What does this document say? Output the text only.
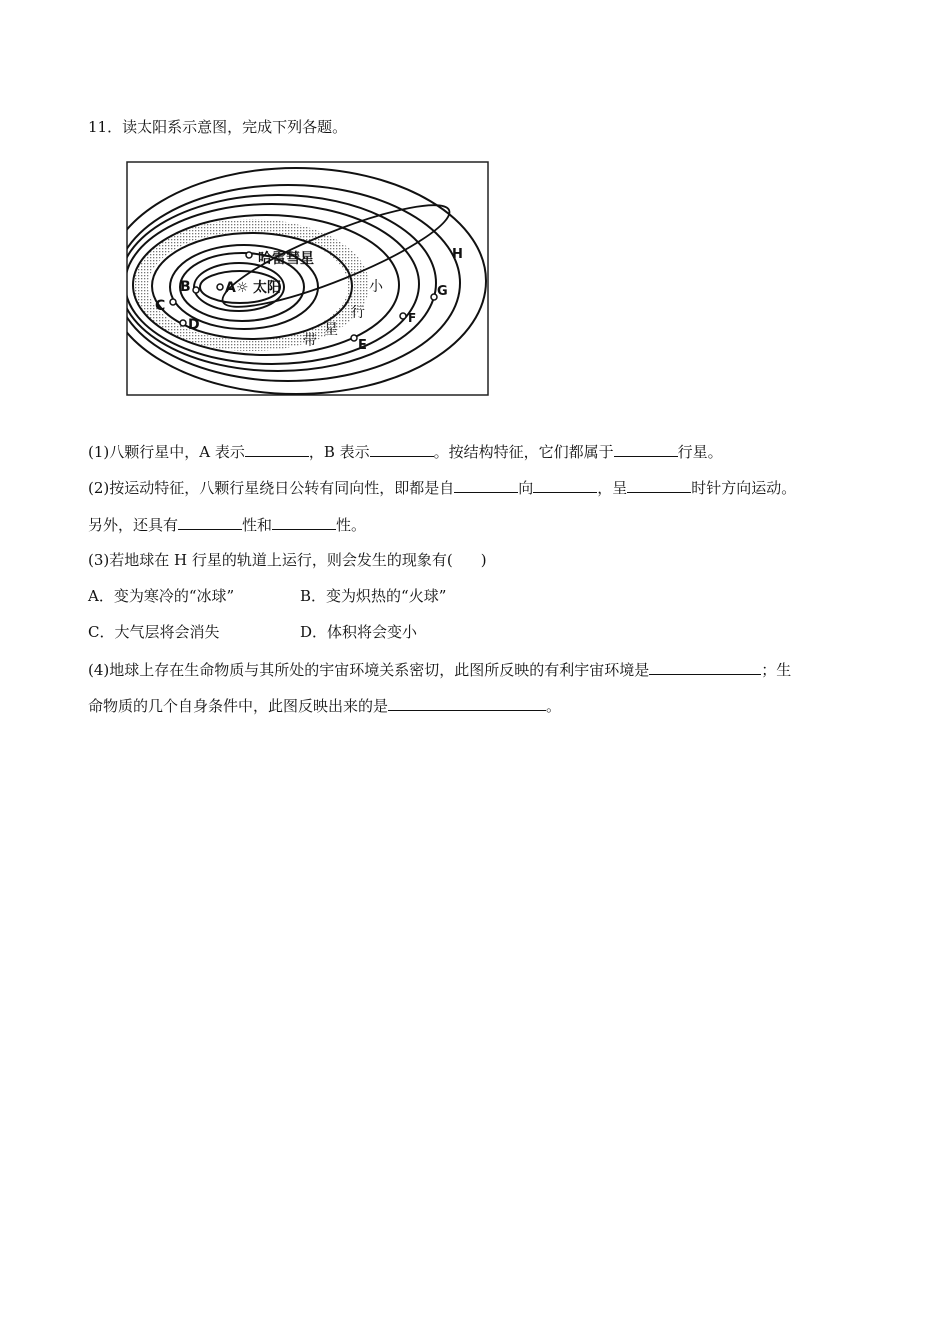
11．读太阳系示意图，完成下列各题。
☼
A
B
C
D
E
F
G
H
太阳
哈雷彗星
小
行
星
带
(1)八颗行星中，A 表示	，B 表示	。按结构特征，它们都属于	行星。
(2)按运动特征，八颗行星绕日公转有同向性，即都是自	向	，呈	时针方向运动。
另外，还具有	性和	性。
(3)若地球在 H 行星的轨道上运行，则会发生的现象有( )
A．变为寒冷的“冰球”	B．变为炽热的“火球”
C．大气层将会消失	D．体积将会变小
(4)地球上存在生命物质与其所处的宇宙环境关系密切，此图所反映的有利宇宙环境是	；生
命物质的几个自身条件中，此图反映出来的是	。
